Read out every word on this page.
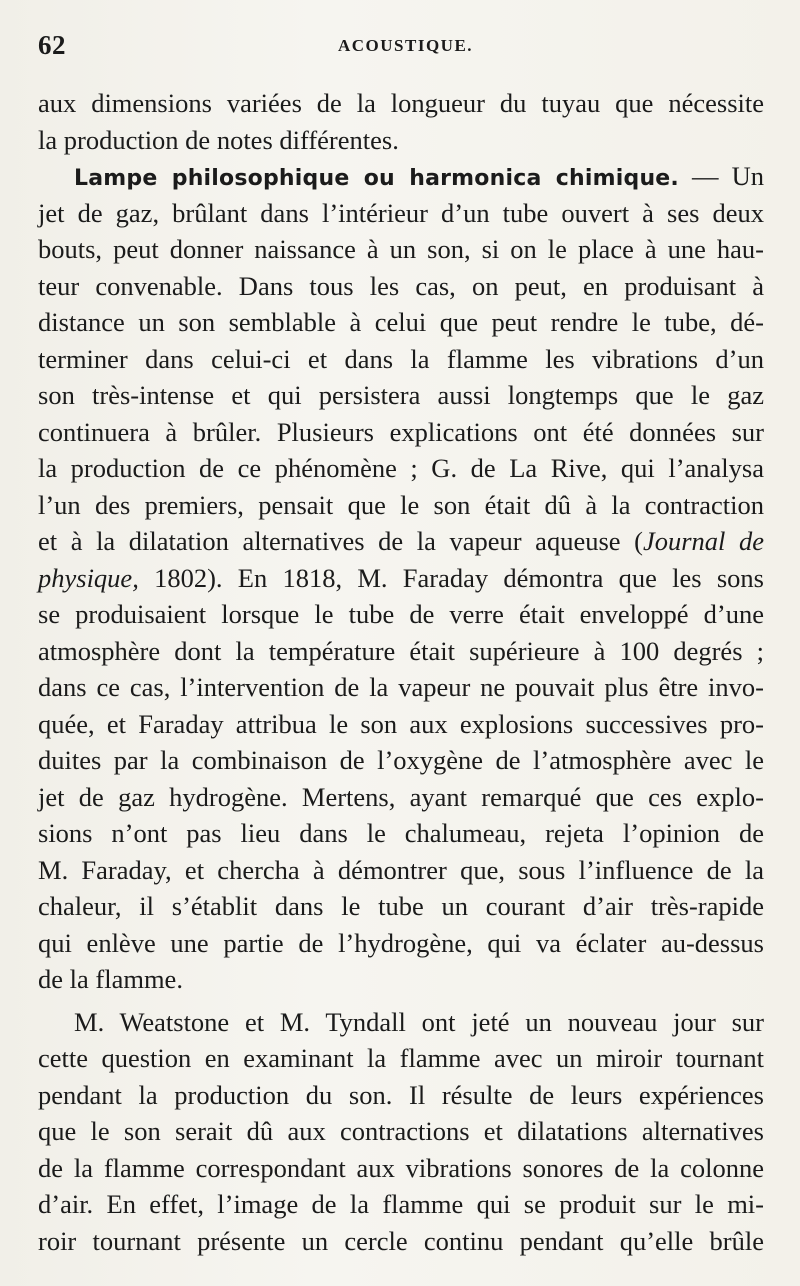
62	ACOUSTIQUE.
aux dimensions variées de la longueur du tuyau que nécessite
la production de notes différentes.
Lampe philosophique ou harmonica chimique. — Un
jet de gaz, brûlant dans l’intérieur d’un tube ouvert à ses deux
bouts, peut donner naissance à un son, si on le place à une hau-
teur convenable. Dans tous les cas, on peut, en produisant à
distance un son semblable à celui que peut rendre le tube, dé-
terminer dans celui-ci et dans la flamme les vibrations d’un
son très-intense et qui persistera aussi longtemps que le gaz
continuera à brûler. Plusieurs explications ont été données sur
la production de ce phénomène ; G. de La Rive, qui l’analysa
l’un des premiers, pensait que le son était dû à la contraction
et à la dilatation alternatives de la vapeur aqueuse (Journal de
physique, 1802). En 1818, M. Faraday démontra que les sons
se produisaient lorsque le tube de verre était enveloppé d’une
atmosphère dont la température était supérieure à 100 degrés ;
dans ce cas, l’intervention de la vapeur ne pouvait plus être invo-
quée, et Faraday attribua le son aux explosions successives pro-
duites par la combinaison de l’oxygène de l’atmosphère avec le
jet de gaz hydrogène. Mertens, ayant remarqué que ces explo-
sions n’ont pas lieu dans le chalumeau, rejeta l’opinion de
M. Faraday, et chercha à démontrer que, sous l’influence de la
chaleur, il s’établit dans le tube un courant d’air très-rapide
qui enlève une partie de l’hydrogène, qui va éclater au-dessus
de la flamme.
M. Weatstone et M. Tyndall ont jeté un nouveau jour sur
cette question en examinant la flamme avec un miroir tournant
pendant la production du son. Il résulte de leurs expériences
que le son serait dû aux contractions et dilatations alternatives
de la flamme correspondant aux vibrations sonores de la colonne
d’air. En effet, l’image de la flamme qui se produit sur le mi-
roir tournant présente un cercle continu pendant qu’elle brûle
